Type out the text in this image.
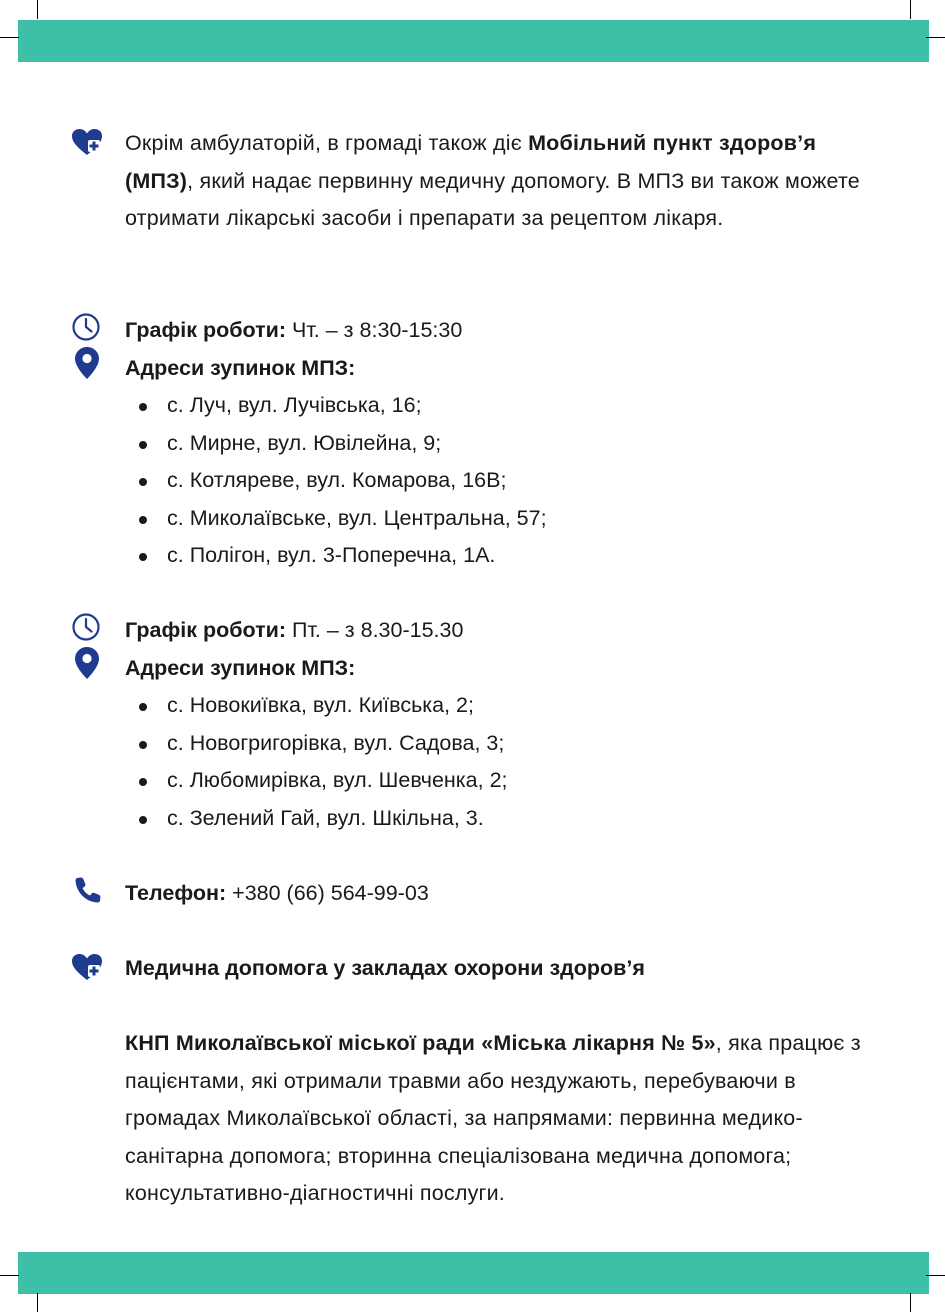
Окрім амбулаторій, в громаді також діє Мобільний пункт здоров’я (МПЗ), який надає первинну медичну допомогу. В МПЗ ви також можете отримати лікарські засоби і препарати за рецептом лікаря.

Графік роботи: Чт. – з 8:30-15:30
Адреси зупинок МПЗ:
с. Луч, вул. Лучівська, 16;
с. Мирне, вул. Ювілейна, 9;
с. Котляреве, вул. Комарова, 16В;
с. Миколаївське, вул. Центральна, 57;
с. Полігон, вул. 3-Поперечна, 1А.
Графік роботи: Пт. – з 8.30-15.30
Адреси зупинок МПЗ:
с. Новокиївка, вул. Київська, 2;
с. Новогригорівка, вул. Садова, 3;
с. Любомирівка, вул. Шевченка, 2;
с. Зелений Гай, вул. Шкільна, 3.
Телефон: +380 (66) 564-99-03
Медична допомога у закладах охорони здоров’я

КНП Миколаївської міської ради «Міська лікарня № 5», яка працює з пацієнтами, які отримали травми або нездужають, перебуваючи в громадах Миколаївської області, за напрямами: первинна медико-санітарна допомога; вторинна спеціалізована медична допомога; консультативно-діагностичні послуги.
